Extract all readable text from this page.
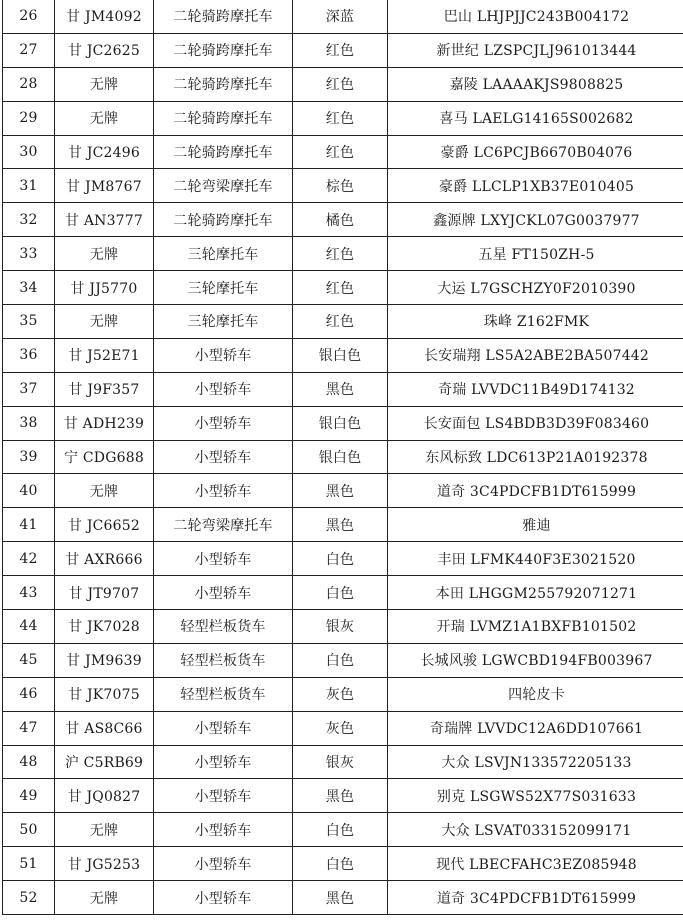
26	甘 JM4092	二轮骑跨摩托车	深蓝	巴山 LHJPJJC243B004172
27	甘 JC2625	二轮骑跨摩托车	红色	新世纪 LZSPCJLJ961013444
28	无牌	二轮骑跨摩托车	红色	嘉陵 LAAAAKJS9808825
29	无牌	二轮骑跨摩托车	红色	喜马 LAELG14165S002682
30	甘 JC2496	二轮骑跨摩托车	红色	豪爵 LC6PCJB6670B04076
31	甘 JM8767	二轮弯梁摩托车	棕色	豪爵 LLCLP1XB37E010405
32	甘 AN3777	二轮骑跨摩托车	橘色	鑫源牌 LXYJCKL07G0037977
33	无牌	三轮摩托车	红色	五星 FT150ZH-5
34	甘 JJ5770	三轮摩托车	红色	大运 L7GSCHZY0F2010390
35	无牌	三轮摩托车	红色	珠峰 Z162FMK
36	甘 J52E71	小型轿车	银白色	长安瑞翔 LS5A2ABE2BA507442
37	甘 J9F357	小型轿车	黑色	奇瑞 LVVDC11B49D174132
38	甘 ADH239	小型轿车	银白色	长安面包 LS4BDB3D39F083460
39	宁 CDG688	小型轿车	银白色	东风标致 LDC613P21A0192378
40	无牌	小型轿车	黑色	道奇 3C4PDCFB1DT615999
41	甘 JC6652	二轮弯梁摩托车	黑色	雅迪
42	甘 AXR666	小型轿车	白色	丰田 LFMK440F3E3021520
43	甘 JT9707	小型轿车	白色	本田 LHGGM255792071271
44	甘 JK7028	轻型栏板货车	银灰	开瑞 LVMZ1A1BXFB101502
45	甘 JM9639	轻型栏板货车	白色	长城风骏 LGWCBD194FB003967
46	甘 JK7075	轻型栏板货车	灰色	四轮皮卡
47	甘 AS8C66	小型轿车	灰色	奇瑞牌 LVVDC12A6DD107661
48	沪 C5RB69	小型轿车	银灰	大众 LSVJN133572205133
49	甘 JQ0827	小型轿车	黑色	别克 LSGWS52X77S031633
50	无牌	小型轿车	白色	大众 LSVAT033152099171
51	甘 JG5253	小型轿车	白色	现代 LBECFAHC3EZ085948
52	无牌	小型轿车	黑色	道奇 3C4PDCFB1DT615999
